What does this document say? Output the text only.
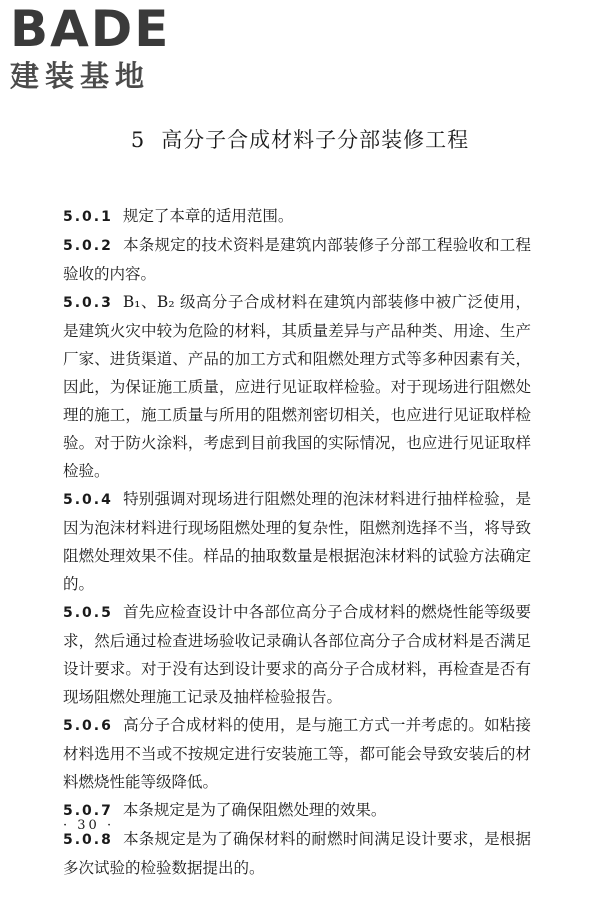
BADE
建装基地
5 高分子合成材料子分部装修工程

5.0.1 规定了本章的适用范围。

5.0.2 本条规定的技术资料是建筑内部装修子分部工程验收和工程验收的内容。

5.0.3 B₁、B₂ 级高分子合成材料在建筑内部装修中被广泛使用，是建筑火灾中较为危险的材料，其质量差异与产品种类、用途、生产厂家、进货渠道、产品的加工方式和阻燃处理方式等多种因素有关，因此，为保证施工质量，应进行见证取样检验。对于现场进行阻燃处理的施工，施工质量与所用的阻燃剂密切相关，也应进行见证取样检验。对于防火涂料，考虑到目前我国的实际情况，也应进行见证取样检验。

5.0.4 特别强调对现场进行阻燃处理的泡沫材料进行抽样检验，是因为泡沫材料进行现场阻燃处理的复杂性，阻燃剂选择不当，将导致阻燃处理效果不佳。样品的抽取数量是根据泡沫材料的试验方法确定的。

5.0.5 首先应检查设计中各部位高分子合成材料的燃烧性能等级要求，然后通过检查进场验收记录确认各部位高分子合成材料是否满足设计要求。对于没有达到设计要求的高分子合成材料，再检查是否有现场阻燃处理施工记录及抽样检验报告。

5.0.6 高分子合成材料的使用，是与施工方式一并考虑的。如粘接材料选用不当或不按规定进行安装施工等，都可能会导致安装后的材料燃烧性能等级降低。

5.0.7 本条规定是为了确保阻燃处理的效果。

5.0.8 本条规定是为了确保材料的耐燃时间满足设计要求，是根据多次试验的检验数据提出的。

· 30 ·
